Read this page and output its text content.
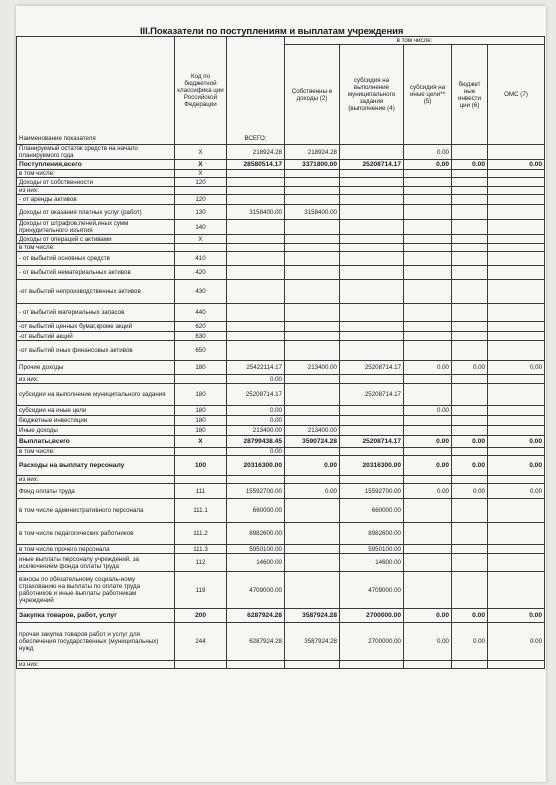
III.Показатели по поступлениям и выплатам учреждения
Наименование показателя	Код по бюджетной классифика ции Российской Федерации	ВСЕГО:	в том числе:				
			Собственны е доходы (2)	субсидия на выполнение муниципального задания (выполнение (4)	субсидия на иные цели** (5)	бюджет ные инвести ции (6)	ОМС (7)
Планируемый остаток средств на начало планируемого года	X	218924.28	218924.28		0.00		
Поступления,всего	X	28580514.17	3371800.00	25208714.17	0.00	0.00	0.00
в том числе:	X						
Доходы от собственности	120						
из них:							
- от аренды активов	120						
Доходы от оказания платных услуг (работ)	130	3158400.00	3158400.00				
Доходы от штрафов,пеней,иных сумм принудительного изъятия	140						
Доходы от операций с активами	X						
в том числе:							
- от выбытий основных средств	410						
- от выбытий нематериальных активов	420						
-от выбытий непроизводственных активов	430						
- от выбытий материальных запасов	440						
-от выбытий ценных бумаг,кроме акций	620						
-от выбытий акций	630						
-от выбытий иных финансовых активов	650						
Прочие доходы	180	25422114.17	213400.00	25208714.17	0.00	0.00	0.00
из них:		0.00					
субсидии на выполнение муниципального задания	180	25208714.17		25208714.17			
субсидии на иные цели	180	0.00			0.00		
бюджетные инвестиции	180	0.00					
Иные доходы	180	213400.00	213400.00				
Выплаты,всего	X	28799438.45	3590724.28	25208714.17	0.00	0.00	0.00
в том числе:		0.00					
Расходы на выплату персоналу	100	20316300.00	0.00	20316300.00	0.00	0.00	0.00
из них:							
Фонд оплаты труда	111	15592700.00	0.00	15592700.00	0.00	0.00	0.00
в том числе административного персонала	111.1	660000.00		660000.00			
в том числе педагогических работников	111.2	8982600.00		8982600.00			
в том числе прочего персонала	111.3	5950100.00		5950100.00			
иные выплаты персоналу учреждений, за исключением фонда оплаты труда	112	14600.00		14600.00			
взносы по обязательному социаль-ному страхованию на выплаты по оплате труда работников и иные выплаты работникам учреждений	119	4709000.00		4709000.00			
Закупка товаров, работ, услуг	200	6287924.28	3587924.28	2700000.00	0.00	0.00	0.00
прочая закупка товаров работ и услуг для обеспечения государственных (муниципальных) нужд	244	6287924.28	3587924.28	2700000.00	0.00	0.00	0.00
из них:							
